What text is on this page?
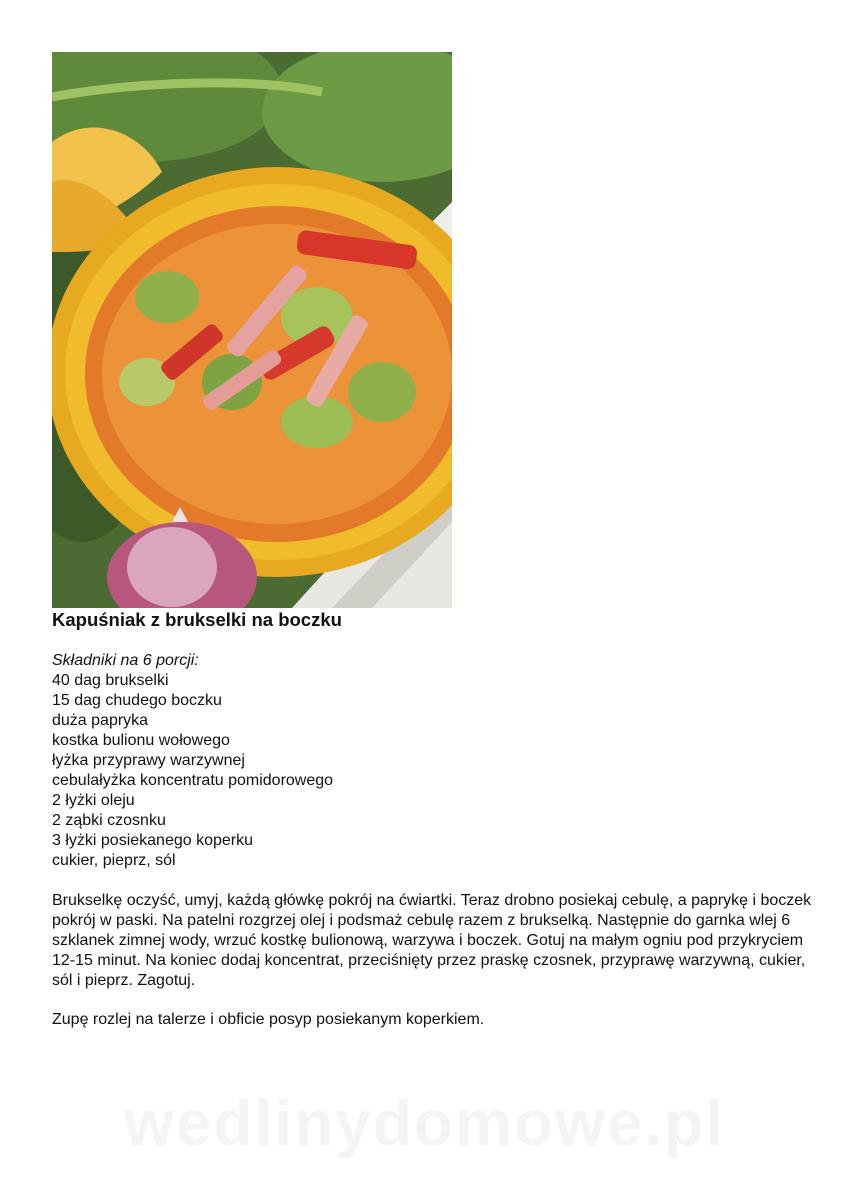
Kapuśniak z brukselki na boczku
Składniki na 6 porcji:
40 dag brukselki
15 dag chudego boczku
duża papryka
kostka bulionu wołowego
łyżka przyprawy warzywnej
cebulałyżka koncentratu pomidorowego
2 łyżki oleju
2 ząbki czosnku
3 łyżki posiekanego koperku
cukier, pieprz, sól

Brukselkę oczyść, umyj, każdą główkę pokrój na ćwiartki. Teraz drobno posiekaj cebulę, a paprykę i boczek pokrój w paski. Na patelni rozgrzej olej i podsmaż cebulę razem z brukselką. Następnie do garnka wlej 6 szklanek zimnej wody, wrzuć kostkę bulionową, warzywa i boczek. Gotuj na małym ogniu pod przykryciem 12-15 minut. Na koniec dodaj koncentrat, przeciśnięty przez praskę czosnek, przyprawę warzywną, cukier, sól i pieprz. Zagotuj.

Zupę rozlej na talerze i obficie posyp posiekanym koperkiem.

wedlinydomowe.pl
